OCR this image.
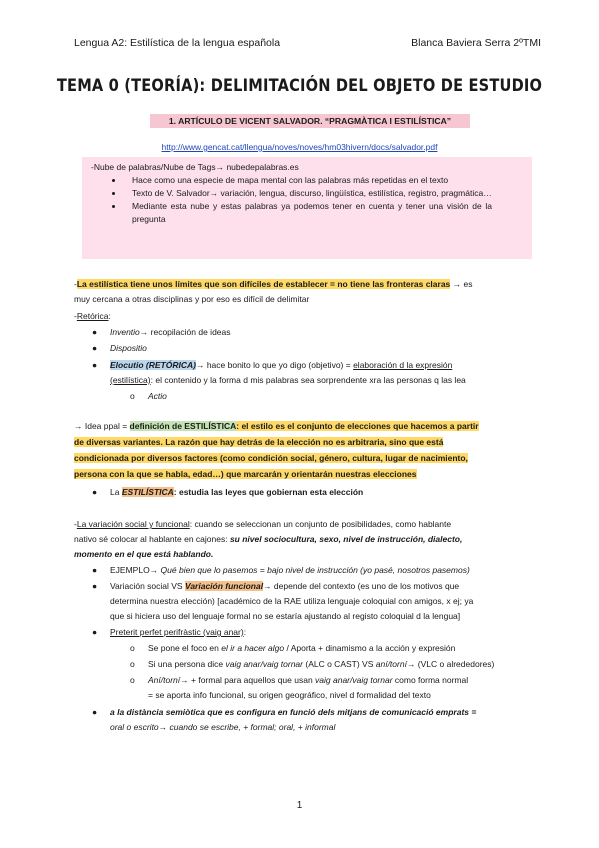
Lengua A2: Estilística de la lengua española	Blanca Baviera Serra 2ºTMI
TEMA 0 (TEORÍA): DELIMITACIÓN DEL OBJETO DE ESTUDIO
1. ARTÍCULO DE VICENT SALVADOR. “PRAGMÀTICA I ESTILÍSTICA”
http://www.gencat.cat/llengua/noves/noves/hm03hivern/docs/salvador.pdf
-Nube de palabras/Nube de Tags→ nubedepalabras.es
• Hace como una especie de mapa mental con las palabras más repetidas en el texto
• Texto de V. Salvador→ variación, lengua, discurso, lingüística, estilística, registro, pragmática…
• Mediante esta nube y estas palabras ya podemos tener en cuenta y tener una visión de la pregunta
-La estilística tiene unos límites que son difíciles de establecer = no tiene las fronteras claras → es
muy cercana a otras disciplinas y por eso es difícil de delimitar
-Retórica:
● Inventio→ recopilación de ideas
● Dispositio
● Elocutio (RETÓRICA)→ hace bonito lo que yo digo (objetivo) = elaboración d la expresión
(estilística): el contenido y la forma d mis palabras sea sorprendente xra las personas q las lea
o Actio
→ Idea ppal = definición de ESTILÍSTICA: el estilo es el conjunto de elecciones que hacemos a partir
de diversas variantes. La razón que hay detrás de la elección no es arbitraria, sino que está
condicionada por diversos factores (como condición social, género, cultura, lugar de nacimiento,
persona con la que se habla, edad…) que marcarán y orientarán nuestras elecciones
● La ESTILÍSTICA: estudia las leyes que gobiernan esta elección
-La variación social y funcional: cuando se seleccionan un conjunto de posibilidades, como hablante
nativo sé colocar al hablante en cajones: su nivel sociocultura, sexo, nivel de instrucción, dialecto,
momento en el que está hablando.
● EJEMPLO→ Qué bien que lo pasemos = bajo nivel de instrucción (yo pasé, nosotros pasemos)
● Variación social VS Variación funcional→ depende del contexto (es uno de los motivos que
determina nuestra elección) [académico de la RAE utiliza lenguaje coloquial con amigos, x ej; ya
que si hiciera uso del lenguaje formal no se estaría ajustando al registo coloquial d la lengua]
● Preterit perfet perifràstic (vaig anar):
o Se pone el foco en el ir a hacer algo / Aporta + dinamismo a la acción y expresión
o Si una persona dice vaig anar/vaig tornar (ALC o CAST) VS aní/torní→ (VLC o alrededores)
o Aní/torní→ + formal para aquellos que usan vaig anar/vaig tornar como forma normal
= se aporta info funcional, su origen geográfico, nivel d formalidad del texto
● a la distància semiòtica que es configura en funció dels mitjans de comunicació emprats =
oral o escrito→ cuando se escribe, + formal; oral, + informal
1
